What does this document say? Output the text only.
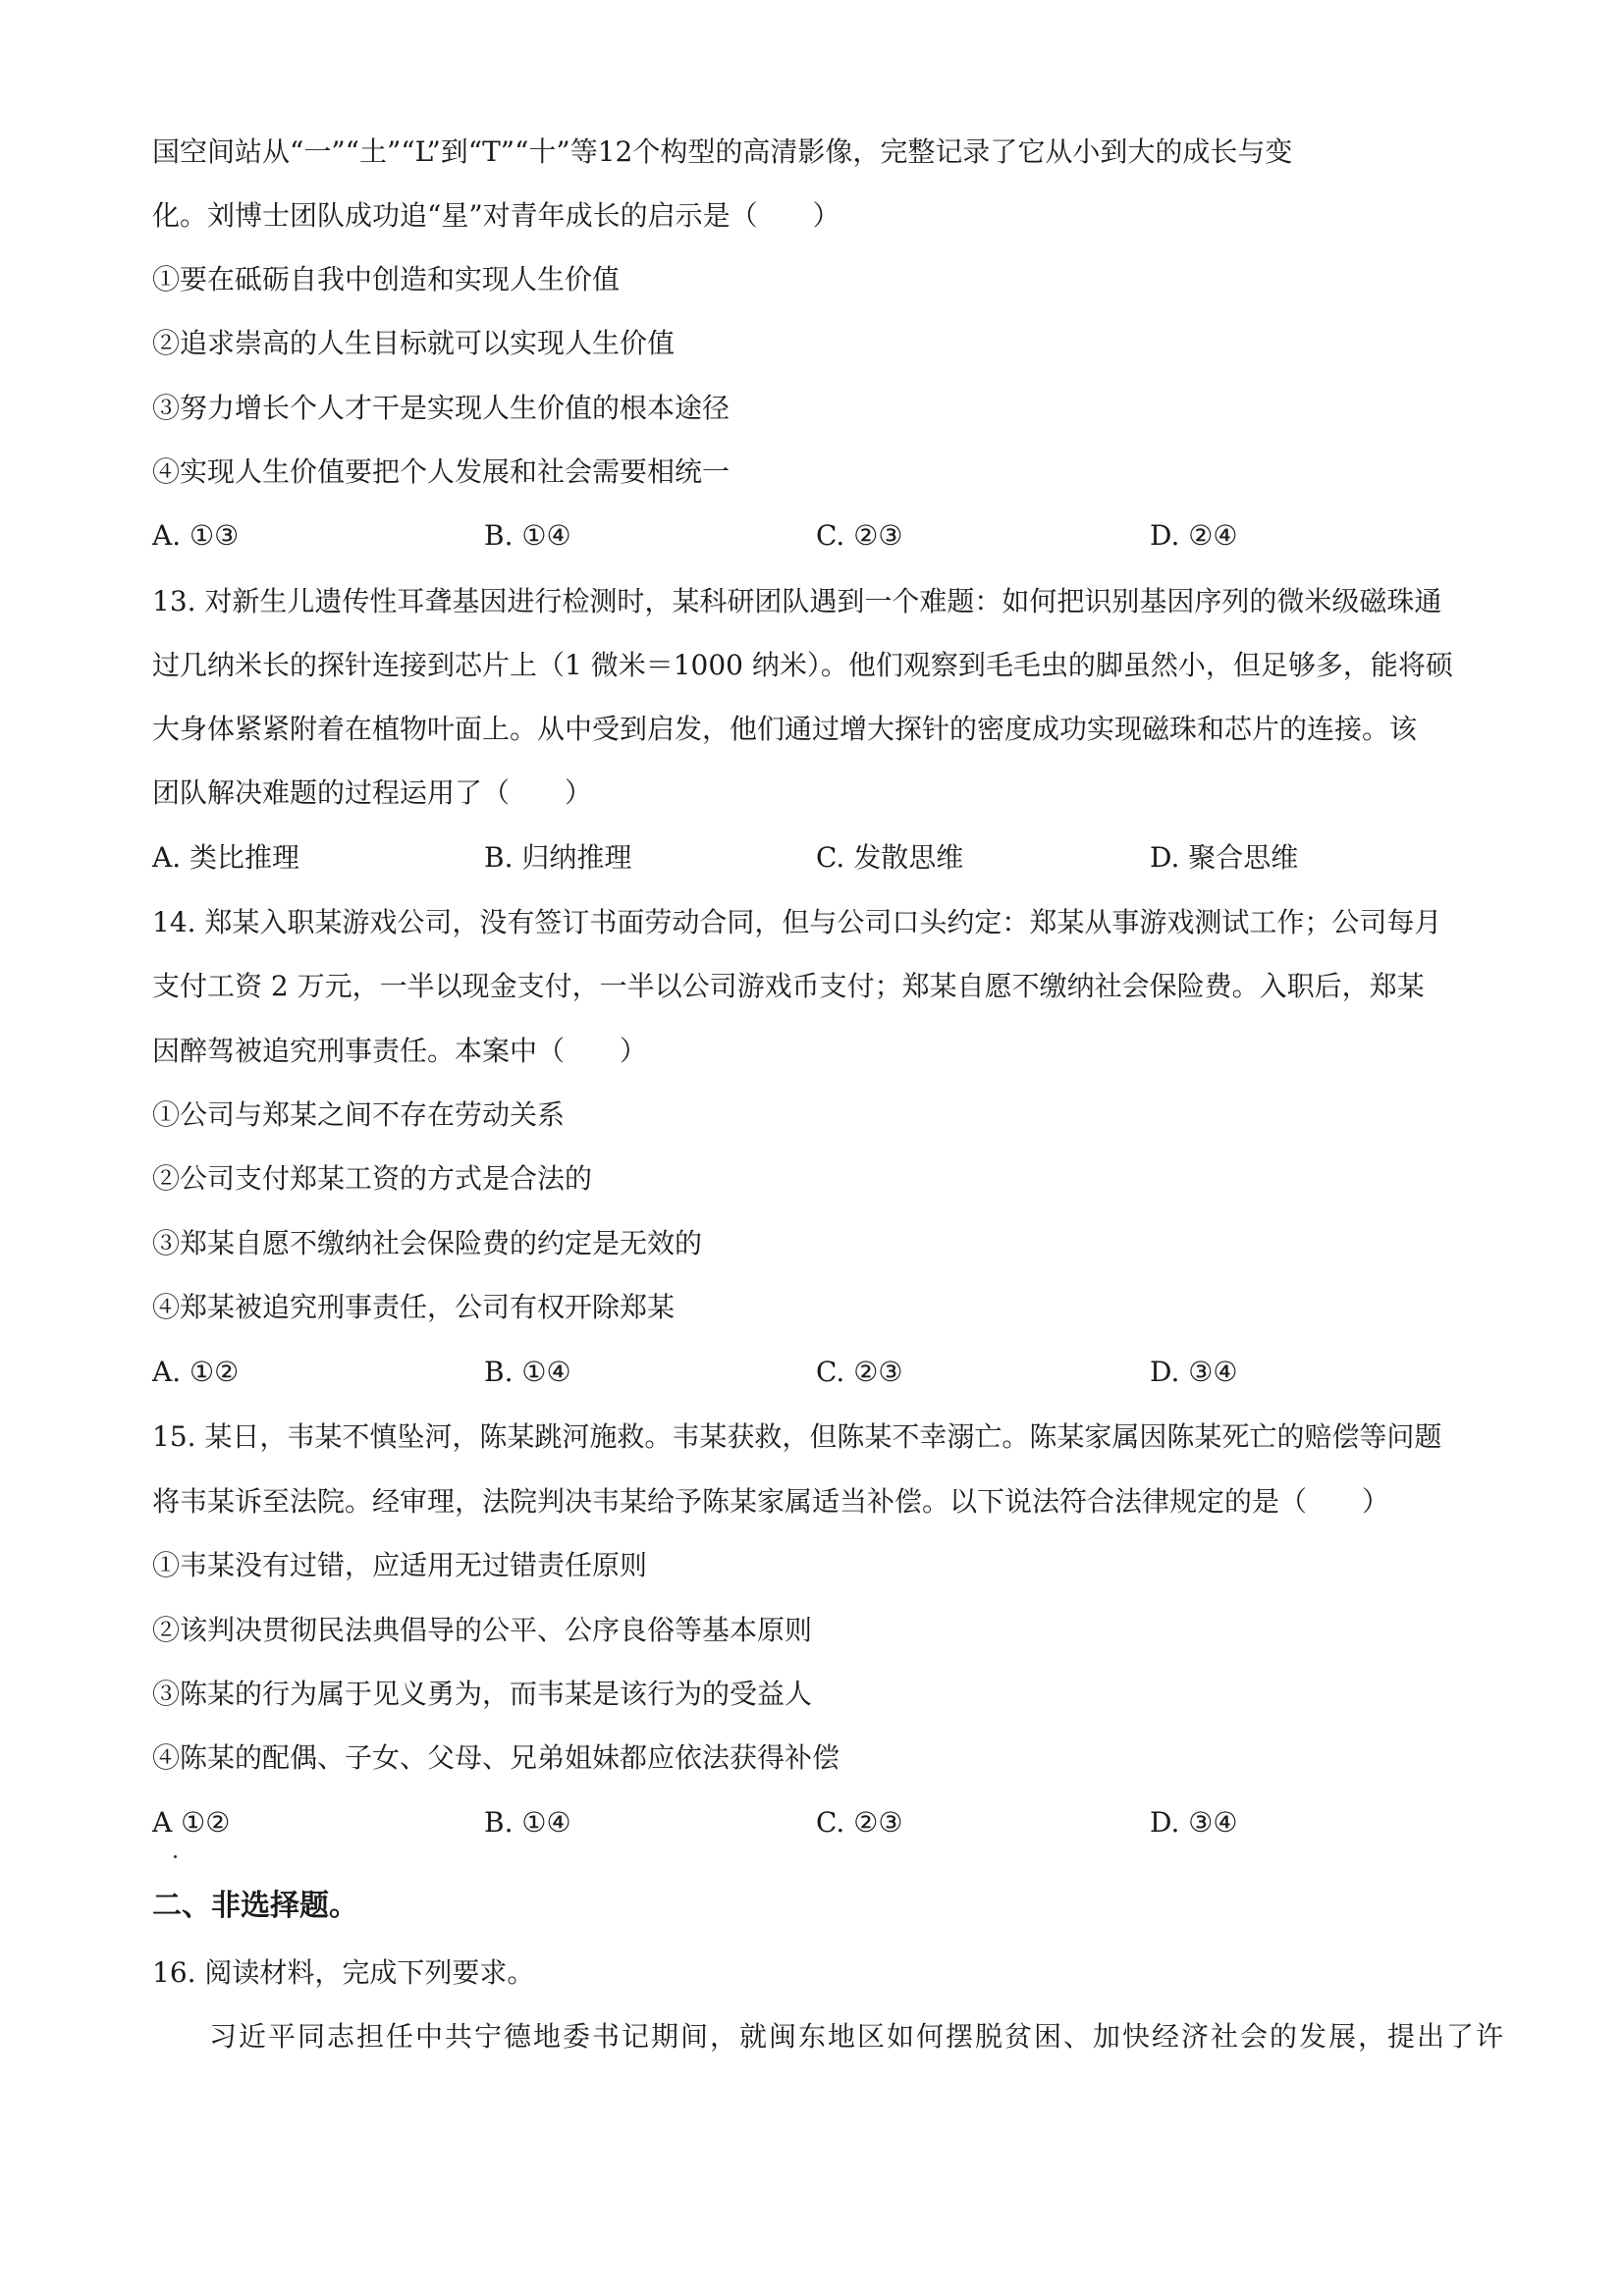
国空间站从“一”“土”“L”到“T”“十”等12个构型的高清影像，完整记录了它从小到大的成长与变
化。刘博士团队成功追“星”对青年成长的启示是（　　）
①要在砥砺自我中创造和实现人生价值
②追求崇高的人生目标就可以实现人生价值
③努力增长个人才干是实现人生价值的根本途径
④实现人生价值要把个人发展和社会需要相统一
A. ①③	B. ①④	C. ②③	D. ②④
13. 对新生儿遗传性耳聋基因进行检测时，某科研团队遇到一个难题：如何把识别基因序列的微米级磁珠通
过几纳米长的探针连接到芯片上（1 微米＝1000 纳米）。他们观察到毛毛虫的脚虽然小，但足够多，能将硕
大身体紧紧附着在植物叶面上。从中受到启发，他们通过增大探针的密度成功实现磁珠和芯片的连接。该
团队解决难题的过程运用了（　　）
A. 类比推理	B. 归纳推理	C. 发散思维	D. 聚合思维
14. 郑某入职某游戏公司，没有签订书面劳动合同，但与公司口头约定：郑某从事游戏测试工作；公司每月
支付工资 2 万元，一半以现金支付，一半以公司游戏币支付；郑某自愿不缴纳社会保险费。入职后，郑某
因醉驾被追究刑事责任。本案中（　　）
①公司与郑某之间不存在劳动关系
②公司支付郑某工资的方式是合法的
③郑某自愿不缴纳社会保险费的约定是无效的
④郑某被追究刑事责任，公司有权开除郑某
A. ①②	B. ①④	C. ②③	D. ③④
15. 某日，韦某不慎坠河，陈某跳河施救。韦某获救，但陈某不幸溺亡。陈某家属因陈某死亡的赔偿等问题
将韦某诉至法院。经审理，法院判决韦某给予陈某家属适当补偿。以下说法符合法律规定的是（　　）
①韦某没有过错，应适用无过错责任原则
②该判决贯彻民法典倡导的公平、公序良俗等基本原则
③陈某的行为属于见义勇为，而韦某是该行为的受益人
④陈某的配偶、子女、父母、兄弟姐妹都应依法获得补偿
A ①②	B. ①④	C. ②③	D. ③④
二、非选择题。
16. 阅读材料，完成下列要求。
习近平同志担任中共宁德地委书记期间，就闽东地区如何摆脱贫困、加快经济社会的发展，提出了许
